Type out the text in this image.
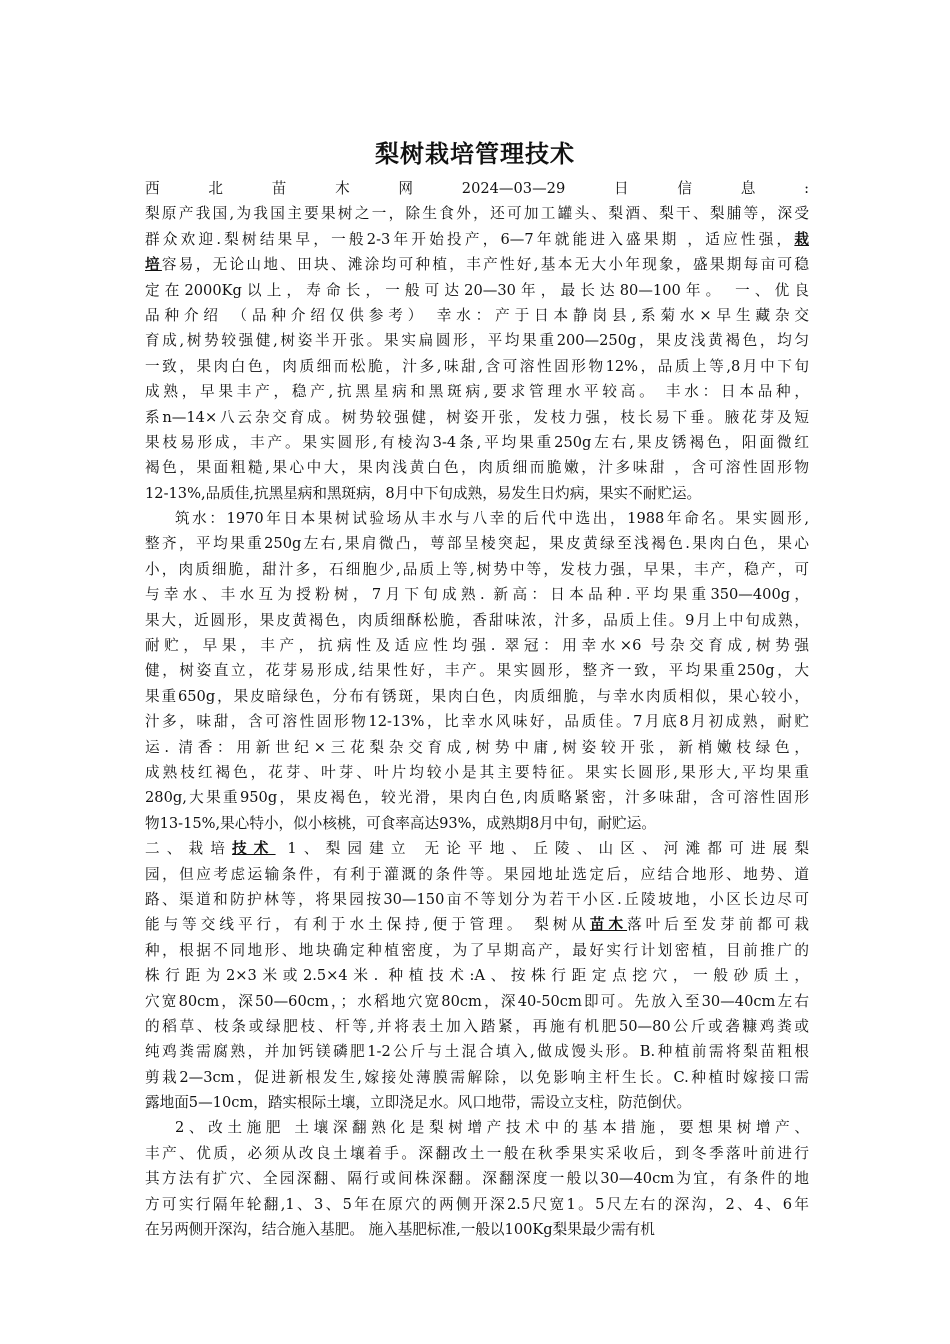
梨树栽培管理技术
西北苗木网2024—03—29日信息:
梨原产我国,为我国主要果树之一，除生食外，还可加工罐头、梨酒、梨干、梨脯等，深受
群众欢迎.梨树结果早，一般2-3年开始投产，6—7年就能进入盛果期 ，适应性强，栽
培容易，无论山地、田块、滩涂均可种植，丰产性好,基本无大小年现象，盛果期每亩可稳
定在2000Kg以上，寿命长，一般可达20—30年，最长达80—100年。 一、优良
品种介绍 （品种介绍仅供参考） 幸水：产于日本静岗县,系菊水×早生藏杂交
育成,树势较强健,树姿半开张。果实扁圆形，平均果重200—250g，果皮浅黄褐色，均匀
一致，果肉白色，肉质细而松脆，汁多,味甜,含可溶性固形物12%，品质上等,8月中下旬
成熟，早果丰产，稳产,抗黑星病和黑斑病,要求管理水平较高。 丰水：日本品种，
系n—14×八云杂交育成。树势较强健，树姿开张，发枝力强，枝长易下垂。腋花芽及短
果枝易形成，丰产。果实圆形,有棱沟3-4条,平均果重250g左右,果皮锈褐色，阳面微红
褐色，果面粗糙,果心中大，果肉浅黄白色，肉质细而脆嫩，汁多味甜 ，含可溶性固形物
12-13%,品质佳,抗黑星病和黑斑病，8月中下旬成熟，易发生日灼病，果实不耐贮运。
筑水：1970年日本果树试验场从丰水与八幸的后代中选出，1988年命名。果实圆形,
整齐，平均果重250g左右,果肩微凸，萼部呈棱突起，果皮黄绿至浅褐色.果肉白色，果心
小，肉质细脆，甜汁多，石细胞少,品质上等,树势中等，发枝力强，早果，丰产，稳产，可
与幸水、丰水互为授粉树，7月下旬成熟. 新高：日本品种.平均果重350—400g，
果大，近圆形，果皮黄褐色，肉质细酥松脆，香甜味浓，汁多，品质上佳。9月上中旬成熟，
耐贮，早果，丰产，抗病性及适应性均强. 翠冠：用幸水×6 号杂交育成,树势强
健，树姿直立，花芽易形成,结果性好，丰产。果实圆形，整齐一致，平均果重250g，大
果重650g，果皮暗绿色，分布有锈斑，果肉白色，肉质细脆，与幸水肉质相似，果心较小，
汁多，味甜，含可溶性固形物12-13%，比幸水风味好，品质佳。7月底8月初成熟，耐贮
运. 清香：用新世纪×三花梨杂交育成,树势中庸,树姿较开张，新梢嫩枝绿色，
成熟枝红褐色，花芽、叶芽、叶片均较小是其主要特征。果实长圆形,果形大,平均果重
280g,大果重950g，果皮褐色，较光滑，果肉白色,肉质略紧密，汁多味甜，含可溶性固形
物13-15%,果心特小，似小核桃，可食率高达93%，成熟期8月中旬，耐贮运。
二、栽培技术 1、梨园建立 无论平地、丘陵、山区、河滩都可进展梨
园，但应考虑运输条件，有利于灌溉的条件等。果园地址选定后，应结合地形、地势、道
路、渠道和防护林等，将果园按30—150亩不等划分为若干小区.丘陵坡地，小区长边尽可
能与等交线平行，有利于水土保持,便于管理。 梨树从苗木落叶后至发芽前都可栽
种，根据不同地形、地块确定种植密度，为了早期高产，最好实行计划密植，目前推广的
株行距为2×3米或2.5×4米. 种植技术:A、按株行距定点挖穴，一般砂质土，
穴宽80cm，深50—60cm，；水稻地穴宽80cm，深40-50cm即可。先放入至30—40cm左右
的稻草、枝条或绿肥枝、杆等,并将表土加入踏紧，再施有机肥50—80公斤或砻糠鸡粪或
纯鸡粪需腐熟，并加钙镁磷肥1-2公斤与土混合填入,做成馒头形。B.种植前需将梨苗粗根
剪栽2—3cm，促进新根发生,嫁接处薄膜需解除，以免影响主杆生长。C.种植时嫁接口需
露地面5—10cm，踏实根际土壤，立即浇足水。风口地带，需设立支柱，防范倒伏。
2、改土施肥 土壤深翻熟化是梨树增产技术中的基本措施，要想果树增产、
丰产、优质，必须从改良土壤着手。深翻改土一般在秋季果实采收后，到冬季落叶前进行
其方法有扩穴、全园深翻、隔行或间株深翻。深翻深度一般以30—40cm为宜，有条件的地
方可实行隔年轮翻,1、3、5年在原穴的两侧开深2.5尺宽1。5尺左右的深沟，2、4、6年
在另两侧开深沟，结合施入基肥。 施入基肥标准,一般以100Kg梨果最少需有机
